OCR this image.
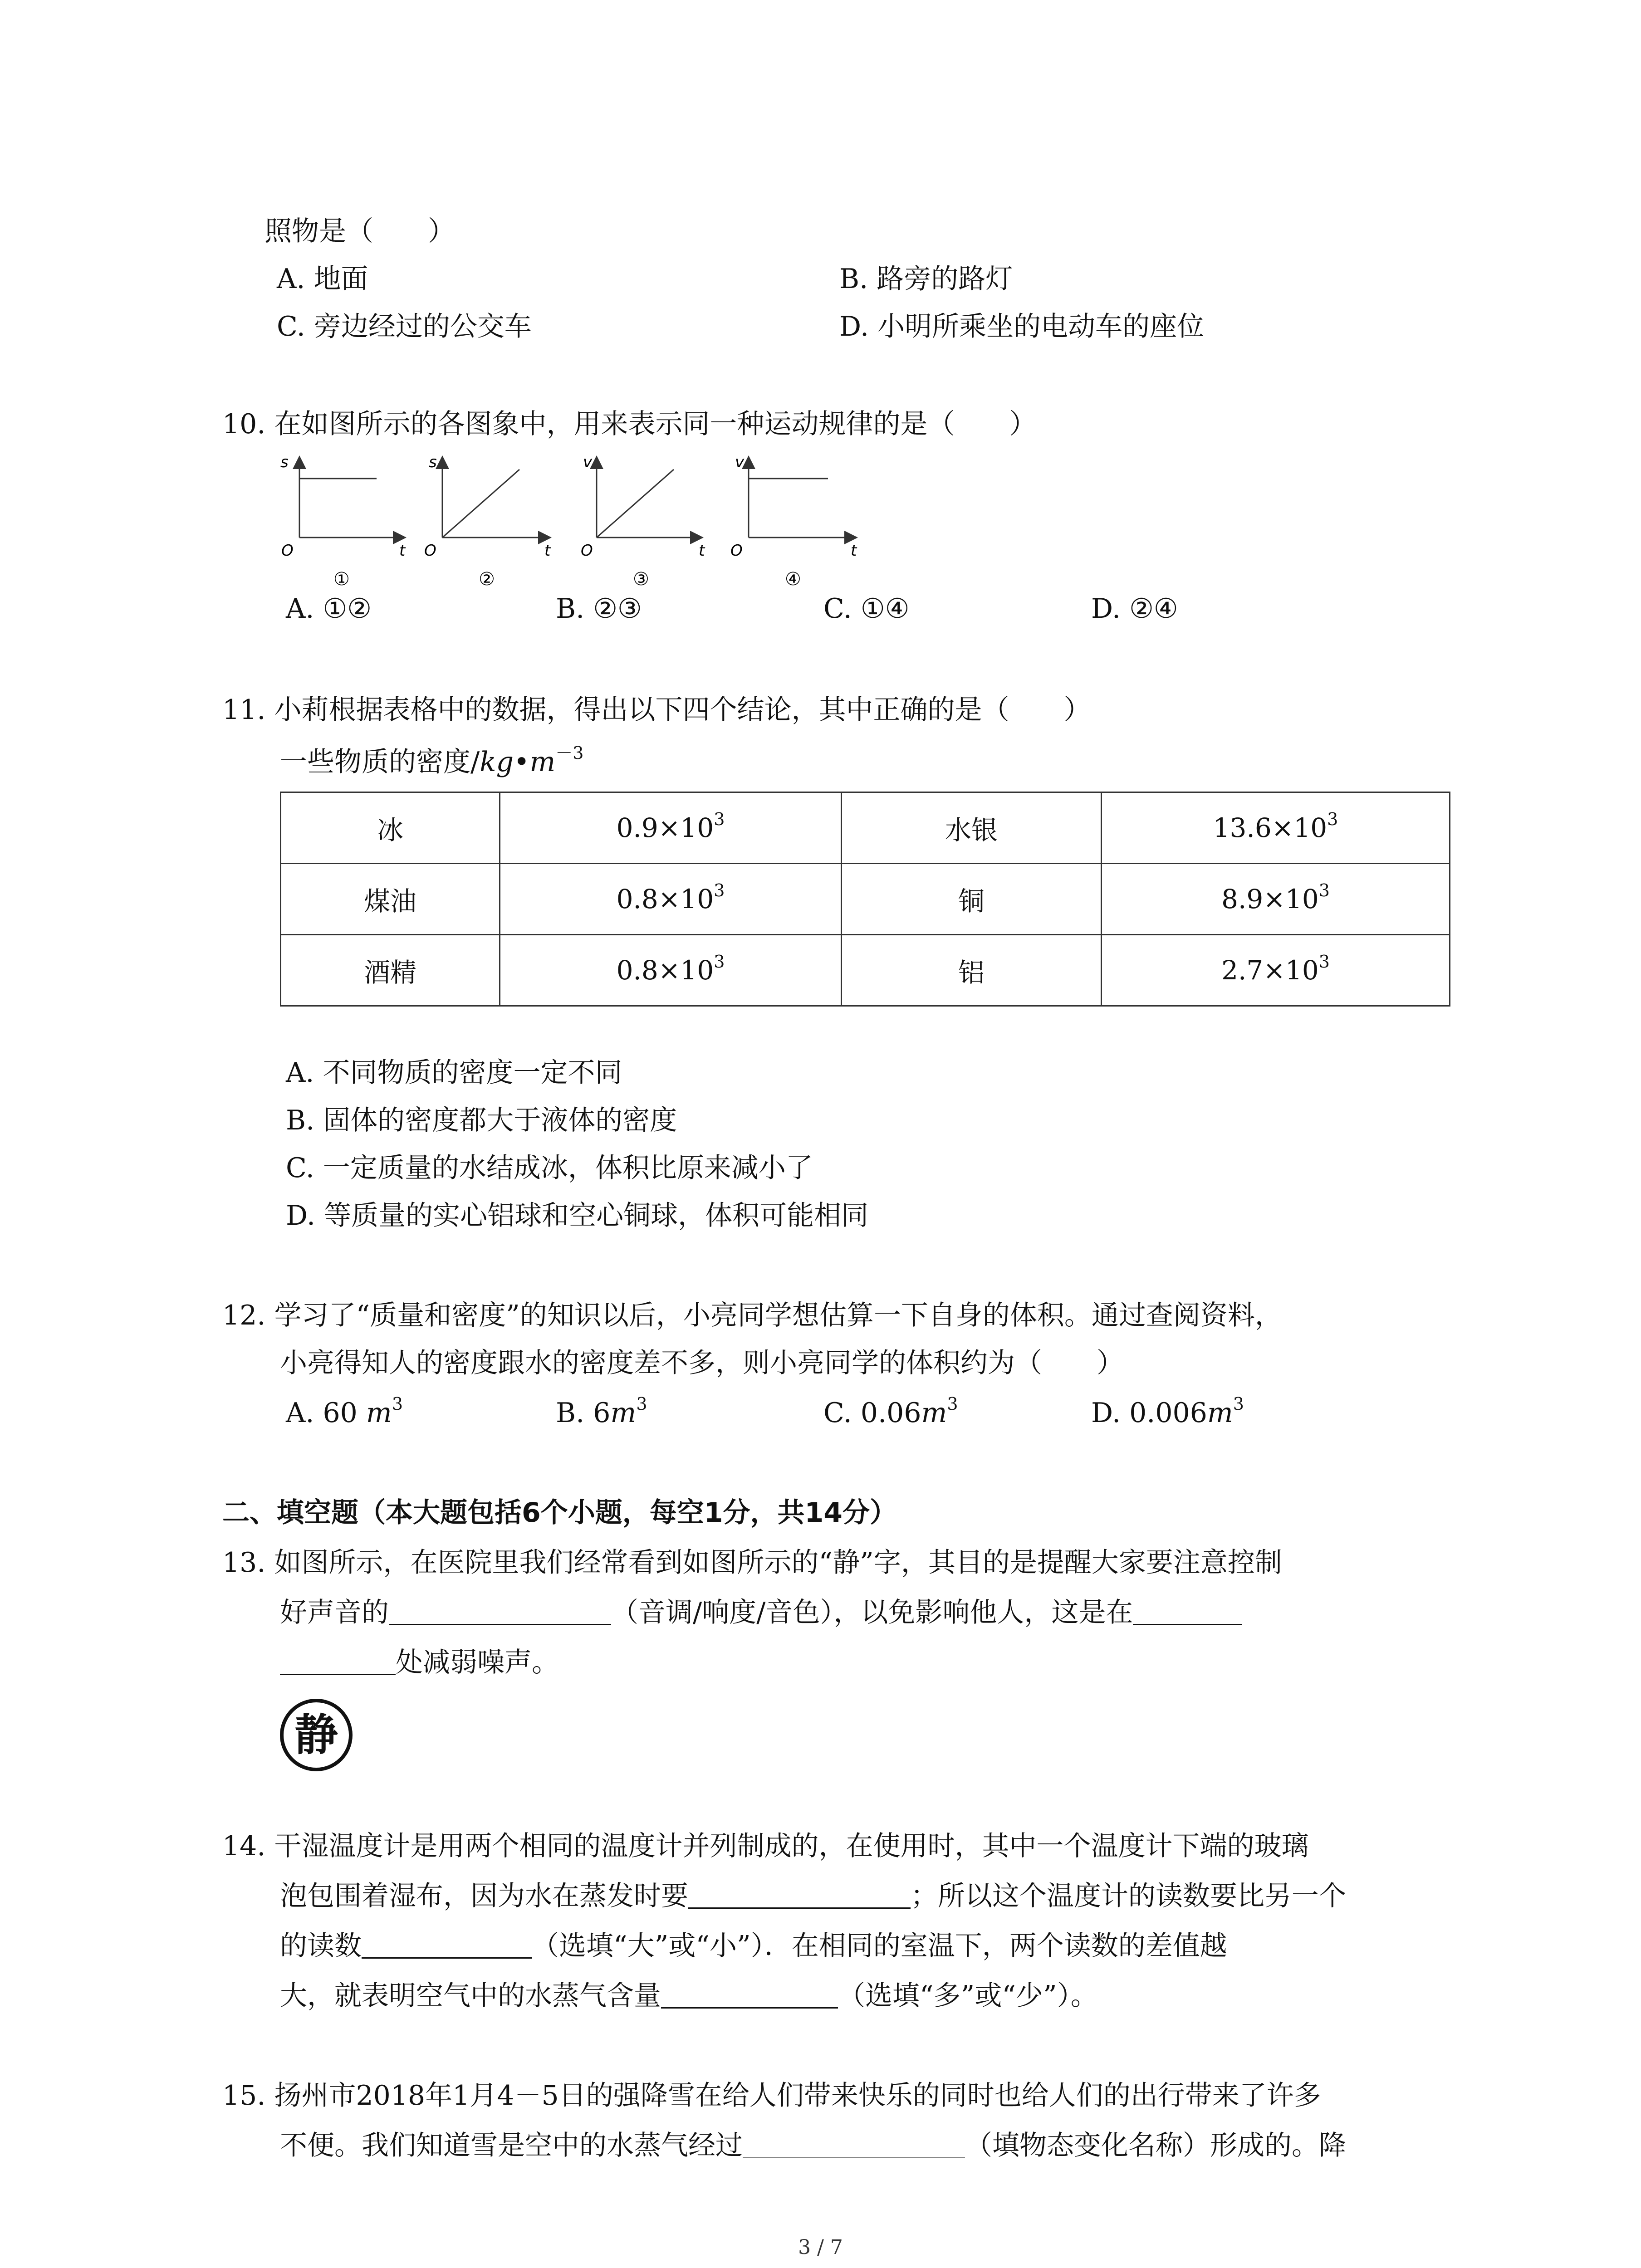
照物是（　　）
A. 地面	B. 路旁的路灯
C. 旁边经过的公交车	D. 小明所乘坐的电动车的座位
10. 在如图所示的各图象中，用来表示同一种运动规律的是（　　）
s
t
O
①
s
t
O
②
v
t
O
③
v
t
O
④
A. ①②	B. ②③	C. ①④	D. ②④
11. 小莉根据表格中的数据，得出以下四个结论，其中正确的是（　　）
一些物质的密度$/kg•m^{-3}$
冰	$0.9\times 10^3$	水银	$13.6\times 10^3$
煤油	$0.8\times 10^3$	铜	$8.9\times 10^3$
酒精	$0.8\times 10^3$	铝	$2.7\times 10^3$
A. 不同物质的密度一定不同
B. 固体的密度都大于液体的密度
C. 一定质量的水结成冰，体积比原来减小了
D. 等质量的实心铝球和空心铜球，体积可能相同
12. 学习了“质量和密度”的知识以后，小亮同学想估算一下自身的体积。通过查阅资料，
小亮得知人的密度跟水的密度差不多，则小亮同学的体积约为（　　）
A. 60 $m^3$	B. $6m^3$	C. $0.06m^3$	D. $0.006m^3$
二、填空题（本大题包括6个小题，每空1分，共14分）
13. 如图所示，在医院里我们经常看到如图所示的“静”字，其目的是提醒大家要注意控制
好声音的	（音调/响度/音色），以免影响他人，这是在
处减弱噪声。
静
14. 干湿温度计是用两个相同的温度计并列制成的，在使用时，其中一个温度计下端的玻璃
泡包围着湿布，因为水在蒸发时要	；所以这个温度计的读数要比另一个
的读数	（选填“大”或“小”）．在相同的室温下，两个读数的差值越
大，就表明空气中的水蒸气含量	（选填“多”或“少”）。
15. 扬州市2018年1月4－5日的强降雪在给人们带来快乐的同时也给人们的出行带来了许多
不便。我们知道雪是空中的水蒸气经过	（填物态变化名称）形成的。降
3 / 7
